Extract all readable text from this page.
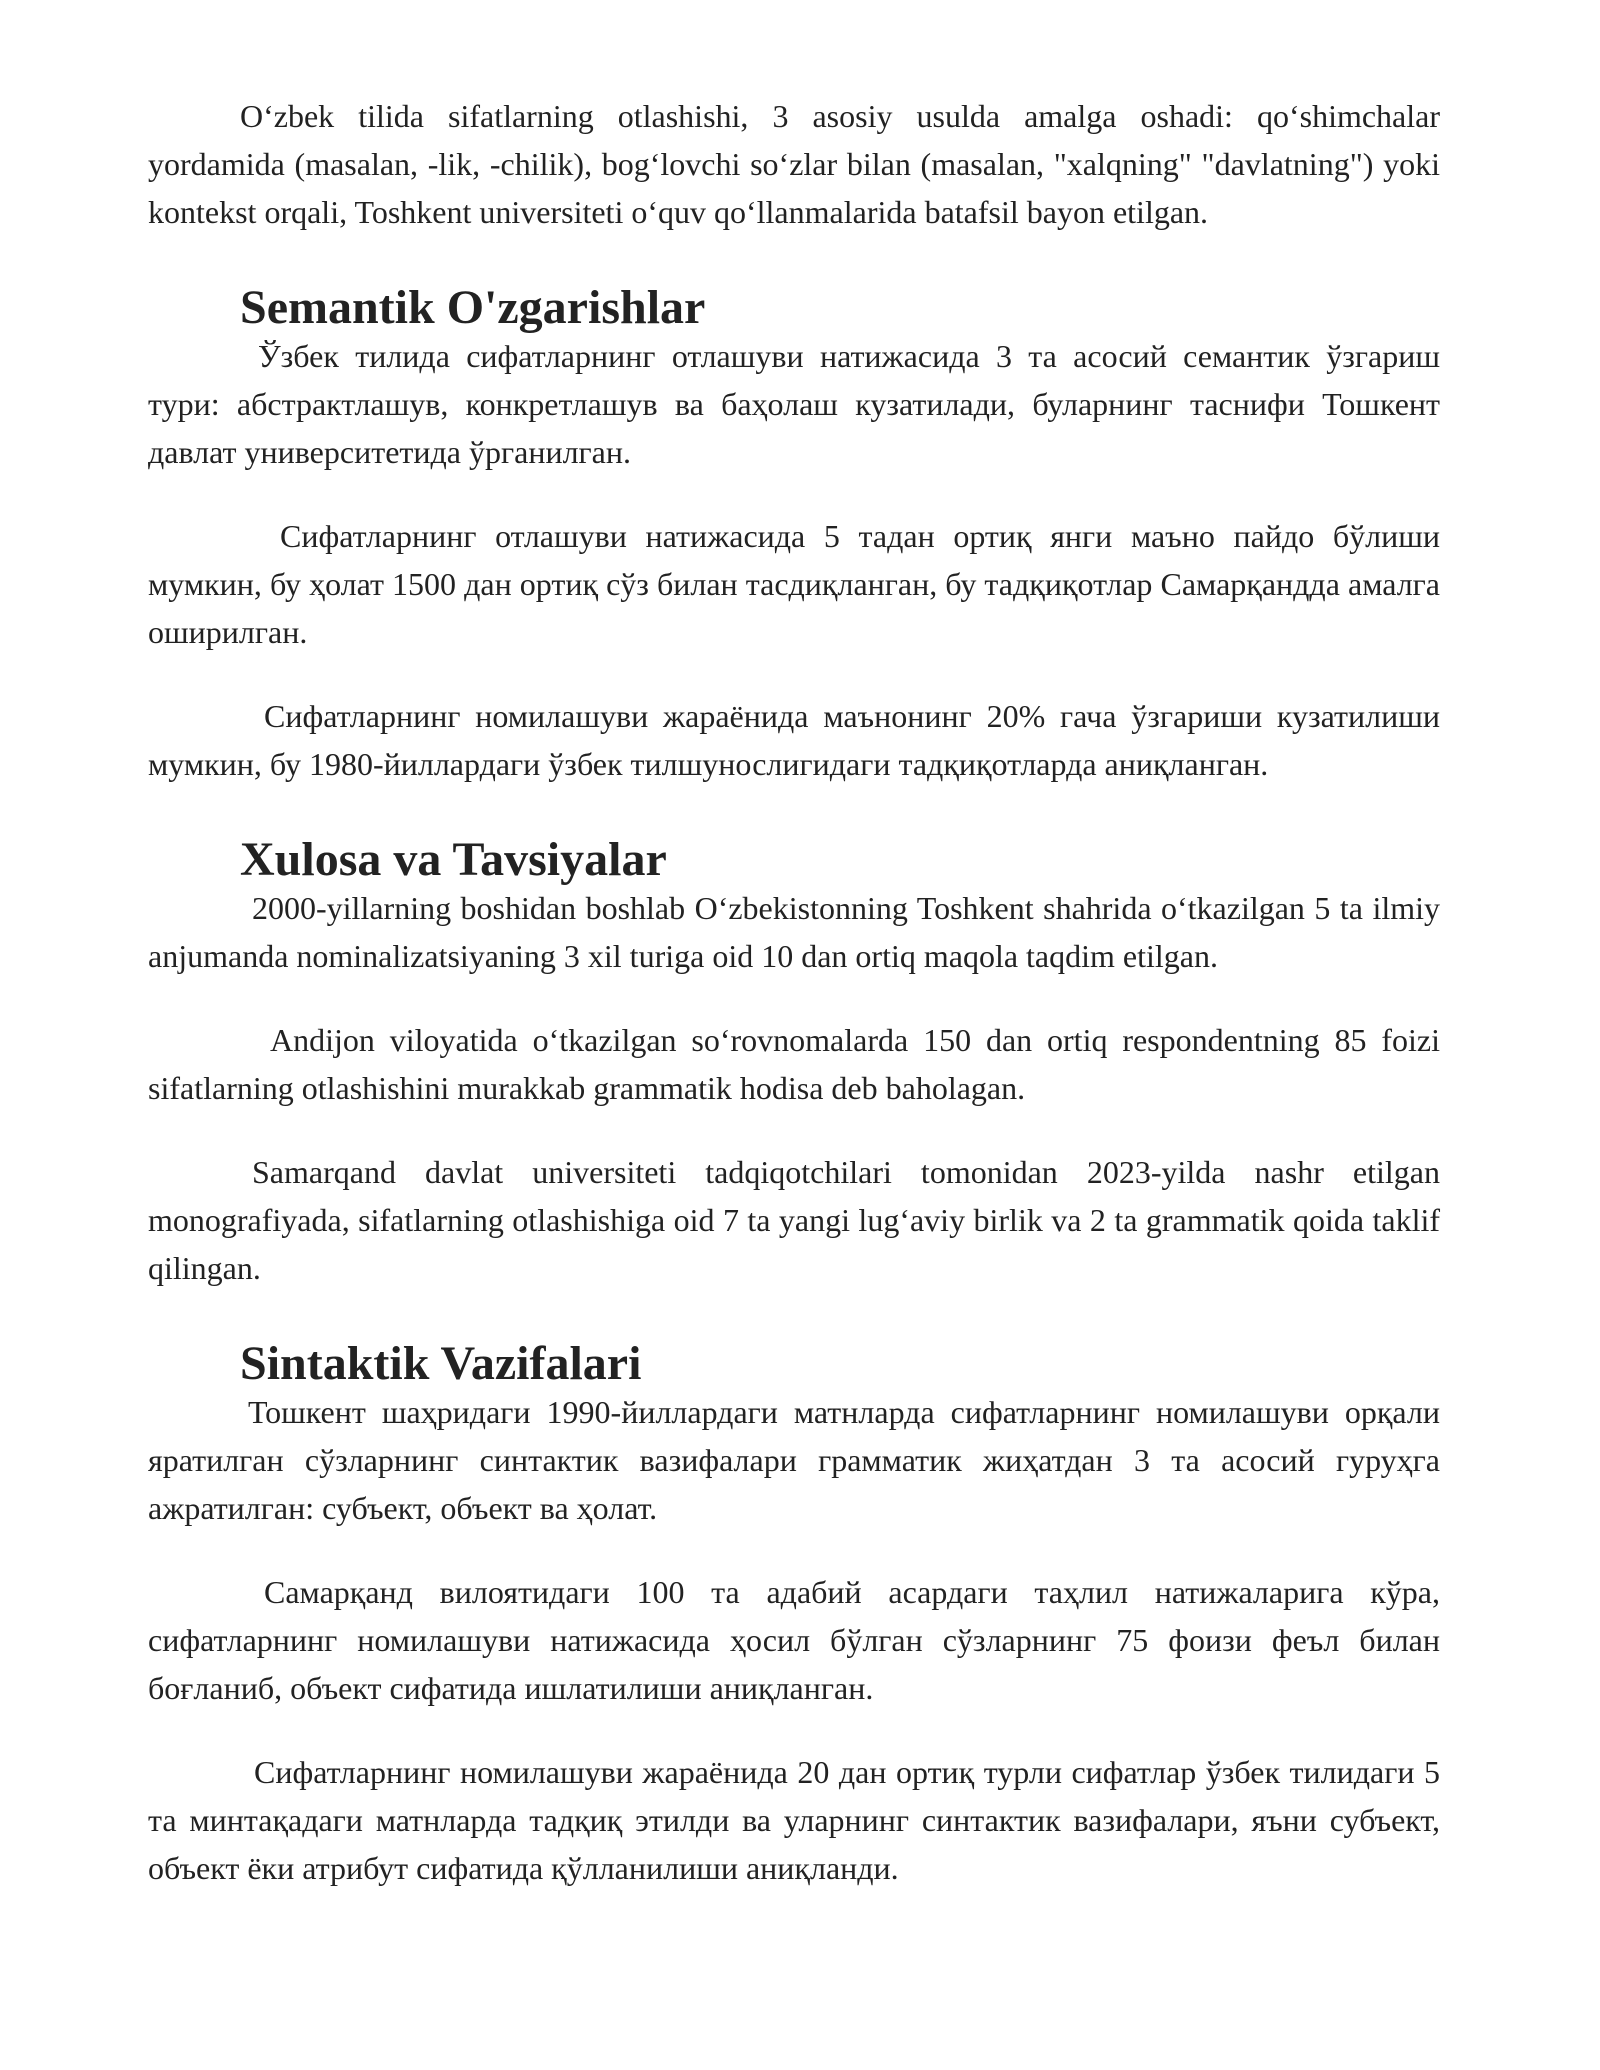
Oʻzbek tilida sifatlarning otlashishi, 3 asosiy usulda amalga oshadi: qoʻshimchalar yordamida (masalan, -lik, -chilik), bogʻlovchi soʻzlar bilan (masalan, "xalqning" "davlatning") yoki kontekst orqali, Toshkent universiteti oʻquv qoʻllanmalarida batafsil bayon etilgan.

Semantik O'zgarishlar

Ўзбек тилида сифатларнинг отлашуви натижасида 3 та асосий семантик ўзгариш тури: абстрактлашув, конкретлашув ва баҳолаш кузатилади, буларнинг таснифи Тошкент давлат университетида ўрганилган.

Сифатларнинг отлашуви натижасида 5 тадан ортиқ янги маъно пайдо бўлиши мумкин, бу ҳолат 1500 дан ортиқ сўз билан тасдиқланган, бу тадқиқотлар Самарқандда амалга оширилган.

Сифатларнинг номилашуви жараёнида маънонинг 20% гача ўзгариши кузатилиши мумкин, бу 1980-йиллардаги ўзбек тилшунослигидаги тадқиқотларда аниқланган.

Xulosa va Tavsiyalar

2000-yillarning boshidan boshlab Oʻzbekistonning Toshkent shahrida oʻtkazilgan 5 ta ilmiy anjumanda nominalizatsiyaning 3 xil turiga oid 10 dan ortiq maqola taqdim etilgan.

Andijon viloyatida oʻtkazilgan soʻrovnomalarda 150 dan ortiq respondentning 85 foizi sifatlarning otlashishini murakkab grammatik hodisa deb baholagan.

Samarqand davlat universiteti tadqiqotchilari tomonidan 2023-yilda nashr etilgan monografiyada, sifatlarning otlashishiga oid 7 ta yangi lugʻaviy birlik va 2 ta grammatik qoida taklif qilingan.

Sintaktik Vazifalari

Тошкент шаҳридаги 1990-йиллардаги матнларда сифатларнинг номилашуви орқали яратилган сўзларнинг синтактик вазифалари грамматик жиҳатдан 3 та асосий гуруҳга ажратилган: субъект, объект ва ҳолат.

Самарқанд вилоятидаги 100 та адабий асардаги таҳлил натижаларига кўра, сифатларнинг номилашуви натижасида ҳосил бўлган сўзларнинг 75 фоизи феъл билан боғланиб, объект сифатида ишлатилиши аниқланган.

Сифатларнинг номилашуви жараёнида 20 дан ортиқ турли сифатлар ўзбек тилидаги 5 та минтақадаги матнларда тадқиқ этилди ва уларнинг синтактик вазифалари, яъни субъект, объект ёки атрибут сифатида қўлланилиши аниқланди.
